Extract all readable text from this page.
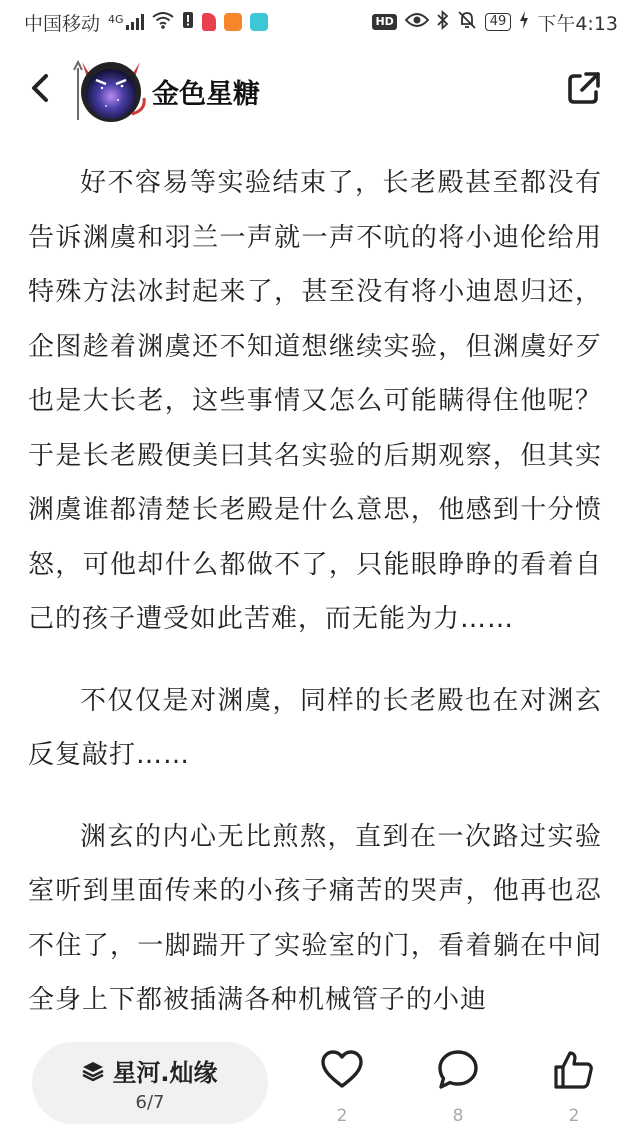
中国移动 4G	HD	49 下午4:13
金色星糖

好不容易等实验结束了，长老殿甚至都没有告诉渊虞和羽兰一声就一声不吭的将小迪伦给用特殊方法冰封起来了，甚至没有将小迪恩归还，企图趁着渊虞还不知道想继续实验，但渊虞好歹也是大长老，这些事情又怎么可能瞒得住他呢？于是长老殿便美曰其名实验的后期观察，但其实渊虞谁都清楚长老殿是什么意思，他感到十分愤怒，可他却什么都做不了，只能眼睁睁的看着自己的孩子遭受如此苦难，而无能为力……

不仅仅是对渊虞，同样的长老殿也在对渊玄反复敲打……

渊玄的内心无比煎熬，直到在一次路过实验室听到里面传来的小孩子痛苦的哭声，他再也忍不住了，一脚踹开了实验室的门，看着躺在中间全身上下都被插满各种机械管子的小迪

星河.灿缘
6/7
2	8	2
